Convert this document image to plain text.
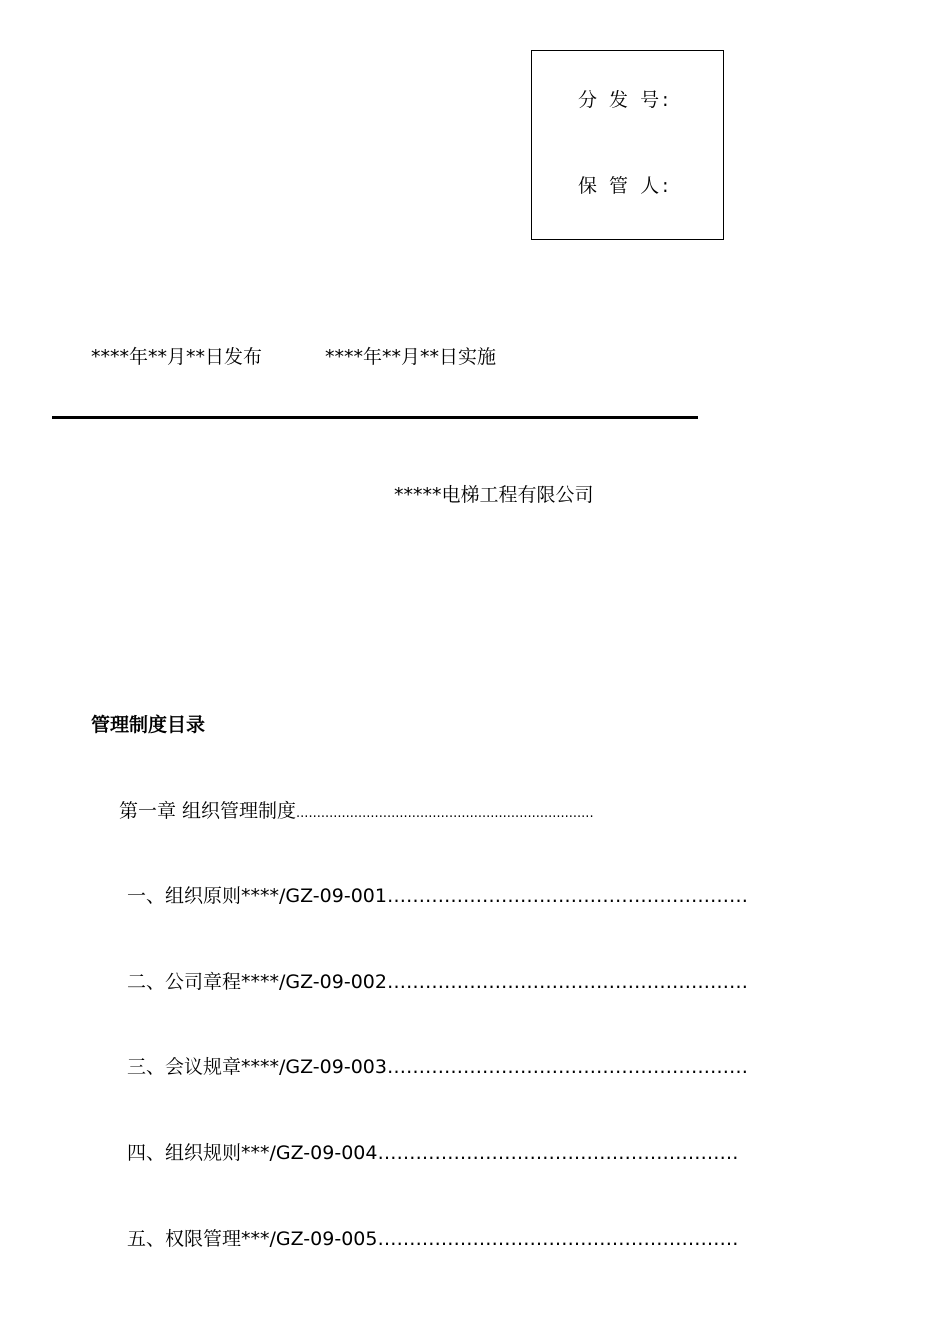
分 发 号:
保 管 人:
****年**月**日发布	****年**月**日实施
*****电梯工程有限公司
管理制度目录
第一章 组织管理制度........................................................................
一、组织原则****/GZ-09-001…………………………………………………
二、公司章程****/GZ-09-002…………………………………………………
三、会议规章****/GZ-09-003…………………………………………………
四、组织规则***/GZ-09-004…………………………………………………
五、权限管理***/GZ-09-005…………………………………………………
